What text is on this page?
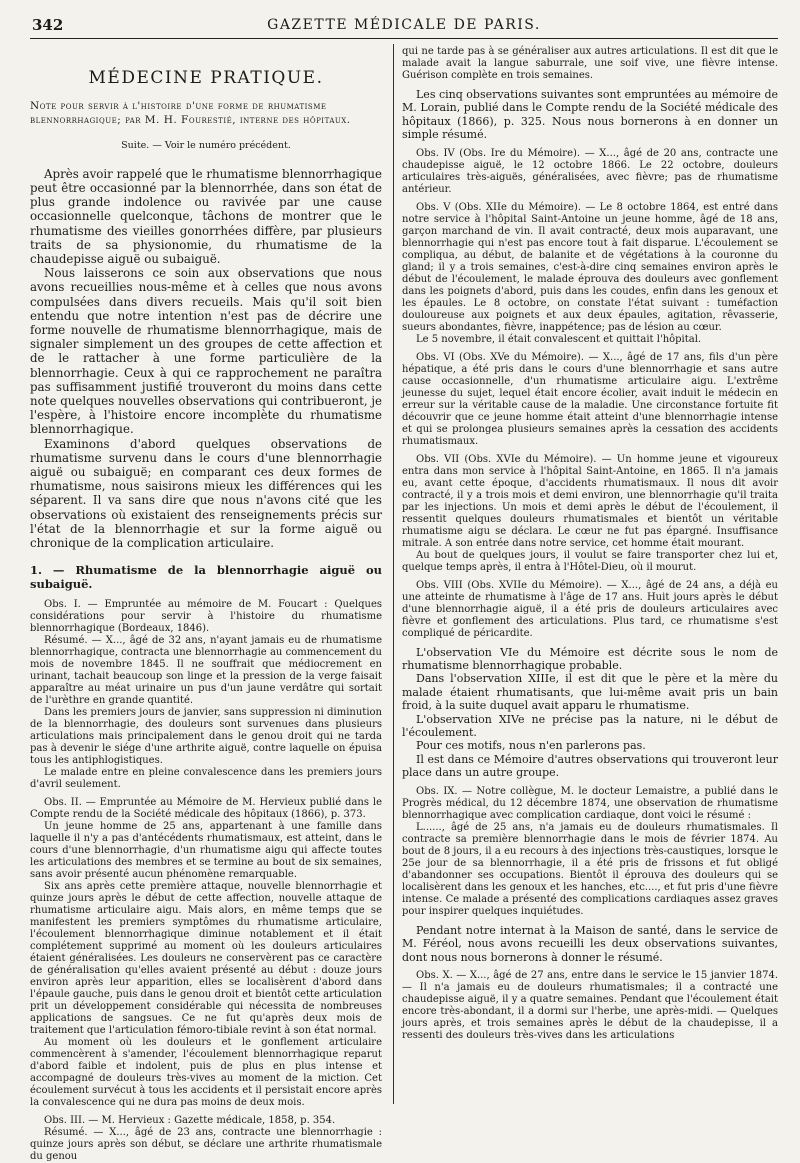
342	GAZETTE MÉDICALE DE PARIS.
MÉDECINE PRATIQUE.

Note pour servir à l'histoire d'une forme de rhumatisme blennorrhagique; par M. H. Fourestié, interne des hôpitaux.

Suite. — Voir le numéro précédent.

Après avoir rappelé que le rhumatisme blennorrhagique peut être occasionné par la blennorrhée, dans son état de plus grande indolence ou ravivée par une cause occasionnelle quelconque, tâchons de montrer que le rhumatisme des vieilles gonorrhées diffère, par plusieurs traits de sa physionomie, du rhumatisme de la chaudepisse aiguë ou subaiguë.

Nous laisserons ce soin aux observations que nous avons recueillies nous-même et à celles que nous avons compulsées dans divers recueils. Mais qu'il soit bien entendu que notre intention n'est pas de décrire une forme nouvelle de rhumatisme blennorrhagique, mais de signaler simplement un des groupes de cette affection et de le rattacher à une forme particulière de la blennorrhagie. Ceux à qui ce rapprochement ne paraîtra pas suffisamment justifié trouveront du moins dans cette note quelques nouvelles observations qui contribueront, je l'espère, à l'histoire encore incomplète du rhumatisme blennorrhagique.

Examinons d'abord quelques observations de rhumatisme survenu dans le cours d'une blennorrhagie aiguë ou subaiguë; en comparant ces deux formes de rhumatisme, nous saisirons mieux les différences qui les séparent. Il va sans dire que nous n'avons cité que les observations où existaient des renseignements précis sur l'état de la blennorrhagie et sur la forme aiguë ou chronique de la complication articulaire.

1. — Rhumatisme de la blennorrhagie aiguë ou subaiguë.

Obs. I. — Empruntée au mémoire de M. Foucart : Quelques considérations pour servir à l'histoire du rhumatisme blennorrhagique (Bordeaux, 1846).

Résumé. — X..., âgé de 32 ans, n'ayant jamais eu de rhumatisme blennorrhagique, contracta une blennorrhagie au commencement du mois de novembre 1845. Il ne souffrait que médiocrement en urinant, tachait beaucoup son linge et la pression de la verge faisait apparaître au méat urinaire un pus d'un jaune verdâtre qui sortait de l'urèthre en grande quantité.

Dans les premiers jours de janvier, sans suppression ni diminution de la blennorrhagie, des douleurs sont survenues dans plusieurs articulations mais principalement dans le genou droit qui ne tarda pas à devenir le siége d'une arthrite aiguë, contre laquelle on épuisa tous les antiphlogistiques.

Le malade entre en pleine convalescence dans les premiers jours d'avril seulement.

Obs. II. — Empruntée au Mémoire de M. Hervieux publié dans le Compte rendu de la Société médicale des hôpitaux (1866), p. 373.

Un jeune homme de 25 ans, appartenant à une famille dans laquelle il n'y a pas d'antécédents rhumatismaux, est atteint, dans le cours d'une blennorrhagie, d'un rhumatisme aigu qui affecte toutes les articulations des membres et se termine au bout de six semaines, sans avoir présenté aucun phénomène remarquable.

Six ans après cette première attaque, nouvelle blennorrhagie et quinze jours après le début de cette affection, nouvelle attaque de rhumatisme articulaire aigu. Mais alors, en même temps que se manifestent les premiers symptômes du rhumatisme articulaire, l'écoulement blennorrhagique diminue notablement et il était complétement supprimé au moment où les douleurs articulaires étaient généralisées. Les douleurs ne conservèrent pas ce caractère de généralisation qu'elles avaient présenté au début : douze jours environ après leur apparition, elles se localisèrent d'abord dans l'épaule gauche, puis dans le genou droit et bientôt cette articulation prit un développement considérable qui nécessita de nombreuses applications de sangsues. Ce ne fut qu'après deux mois de traitement que l'articulation fémoro-tibiale revint à son état normal.

Au moment où les douleurs et le gonflement articulaire commencèrent à s'amender, l'écoulement blennorrhagique reparut d'abord faible et indolent, puis de plus en plus intense et accompagné de douleurs très-vives au moment de la miction. Cet écoulement survécut à tous les accidents et il persistait encore après la convalescence qui ne dura pas moins de deux mois.

Obs. III. — M. Hervieux : Gazette médicale, 1858, p. 354.

Résumé. — X..., âgé de 23 ans, contracte une blennorrhagie : quinze jours après son début, se déclare une arthrite rhumatismale du genou

qui ne tarde pas à se généraliser aux autres articulations. Il est dit que le malade avait la langue saburrale, une soif vive, une fièvre intense. Guérison complète en trois semaines.

Les cinq observations suivantes sont empruntées au mémoire de M. Lorain, publié dans le Compte rendu de la Société médicale des hôpitaux (1866), p. 325. Nous nous bornerons à en donner un simple résumé.

Obs. IV (Obs. Ire du Mémoire). — X..., âgé de 20 ans, contracte une chaudepisse aiguë, le 12 octobre 1866. Le 22 octobre, douleurs articulaires très-aiguës, généralisées, avec fièvre; pas de rhumatisme antérieur.

Obs. V (Obs. XIIe du Mémoire). — Le 8 octobre 1864, est entré dans notre service à l'hôpital Saint-Antoine un jeune homme, âgé de 18 ans, garçon marchand de vin. Il avait contracté, deux mois auparavant, une blennorrhagie qui n'est pas encore tout à fait disparue. L'écoulement se compliqua, au début, de balanite et de végétations à la couronne du gland; il y a trois semaines, c'est-à-dire cinq semaines environ après le début de l'écoulement, le malade éprouva des douleurs avec gonflement dans les poignets d'abord, puis dans les coudes, enfin dans les genoux et les épaules. Le 8 octobre, on constate l'état suivant : tuméfaction douloureuse aux poignets et aux deux épaules, agitation, rêvasserie, sueurs abondantes, fièvre, inappétence; pas de lésion au cœur.

Le 5 novembre, il était convalescent et quittait l'hôpital.

Obs. VI (Obs. XVe du Mémoire). — X..., âgé de 17 ans, fils d'un père hépatique, a été pris dans le cours d'une blennorrhagie et sans autre cause occasionnelle, d'un rhumatisme articulaire aigu. L'extrême jeunesse du sujet, lequel était encore écolier, avait induit le médecin en erreur sur la véritable cause de la maladie. Une circonstance fortuite fit découvrir que ce jeune homme était atteint d'une blennorrhagie intense et qui se prolongea plusieurs semaines après la cessation des accidents rhumatismaux.

Obs. VII (Obs. XVIe du Mémoire). — Un homme jeune et vigoureux entra dans mon service à l'hôpital Saint-Antoine, en 1865. Il n'a jamais eu, avant cette époque, d'accidents rhumatismaux. Il nous dit avoir contracté, il y a trois mois et demi environ, une blennorrhagie qu'il traita par les injections. Un mois et demi après le début de l'écoulement, il ressentit quelques douleurs rhumatismales et bientôt un véritable rhumatisme aigu se déclara. Le cœur ne fut pas épargné. Insuffisance mitrale. A son entrée dans notre service, cet homme était mourant.

Au bout de quelques jours, il voulut se faire transporter chez lui et, quelque temps après, il entra à l'Hôtel-Dieu, où il mourut.

Obs. VIII (Obs. XVIIe du Mémoire). — X..., âgé de 24 ans, a déjà eu une atteinte de rhumatisme à l'âge de 17 ans. Huit jours après le début d'une blennorrhagie aiguë, il a été pris de douleurs articulaires avec fièvre et gonflement des articulations. Plus tard, ce rhumatisme s'est compliqué de péricardite.

L'observation VIe du Mémoire est décrite sous le nom de rhumatisme blennorrhagique probable.

Dans l'observation XIIIe, il est dit que le père et la mère du malade étaient rhumatisants, que lui-même avait pris un bain froid, à la suite duquel avait apparu le rhumatisme.

L'observation XIVe ne précise pas la nature, ni le début de l'écoulement.

Pour ces motifs, nous n'en parlerons pas.

Il est dans ce Mémoire d'autres observations qui trouveront leur place dans un autre groupe.

Obs. IX. — Notre collègue, M. le docteur Lemaistre, a publié dans le Progrès médical, du 12 décembre 1874, une observation de rhumatisme blennorrhagique avec complication cardiaque, dont voici le résumé :

L......, âgé de 25 ans, n'a jamais eu de douleurs rhumatismales. Il contracte sa première blennorrhagie dans le mois de février 1874. Au bout de 8 jours, il a eu recours à des injections très-caustiques, lorsque le 25e jour de sa blennorrhagie, il a été pris de frissons et fut obligé d'abandonner ses occupations. Bientôt il éprouva des douleurs qui se localisèrent dans les genoux et les hanches, etc...., et fut pris d'une fièvre intense. Ce malade a présenté des complications cardiaques assez graves pour inspirer quelques inquiétudes.

Pendant notre internat à la Maison de santé, dans le service de M. Féréol, nous avons recueilli les deux observations suivantes, dont nous nous bornerons à donner le résumé.

Obs. X. — X..., âgé de 27 ans, entre dans le service le 15 janvier 1874. — Il n'a jamais eu de douleurs rhumatismales; il a contracté une chaudepisse aiguë, il y a quatre semaines. Pendant que l'écoulement était encore très-abondant, il a dormi sur l'herbe, une après-midi. — Quelques jours après, et trois semaines après le début de la chaudepisse, il a ressenti des douleurs très-vives dans les articulations
